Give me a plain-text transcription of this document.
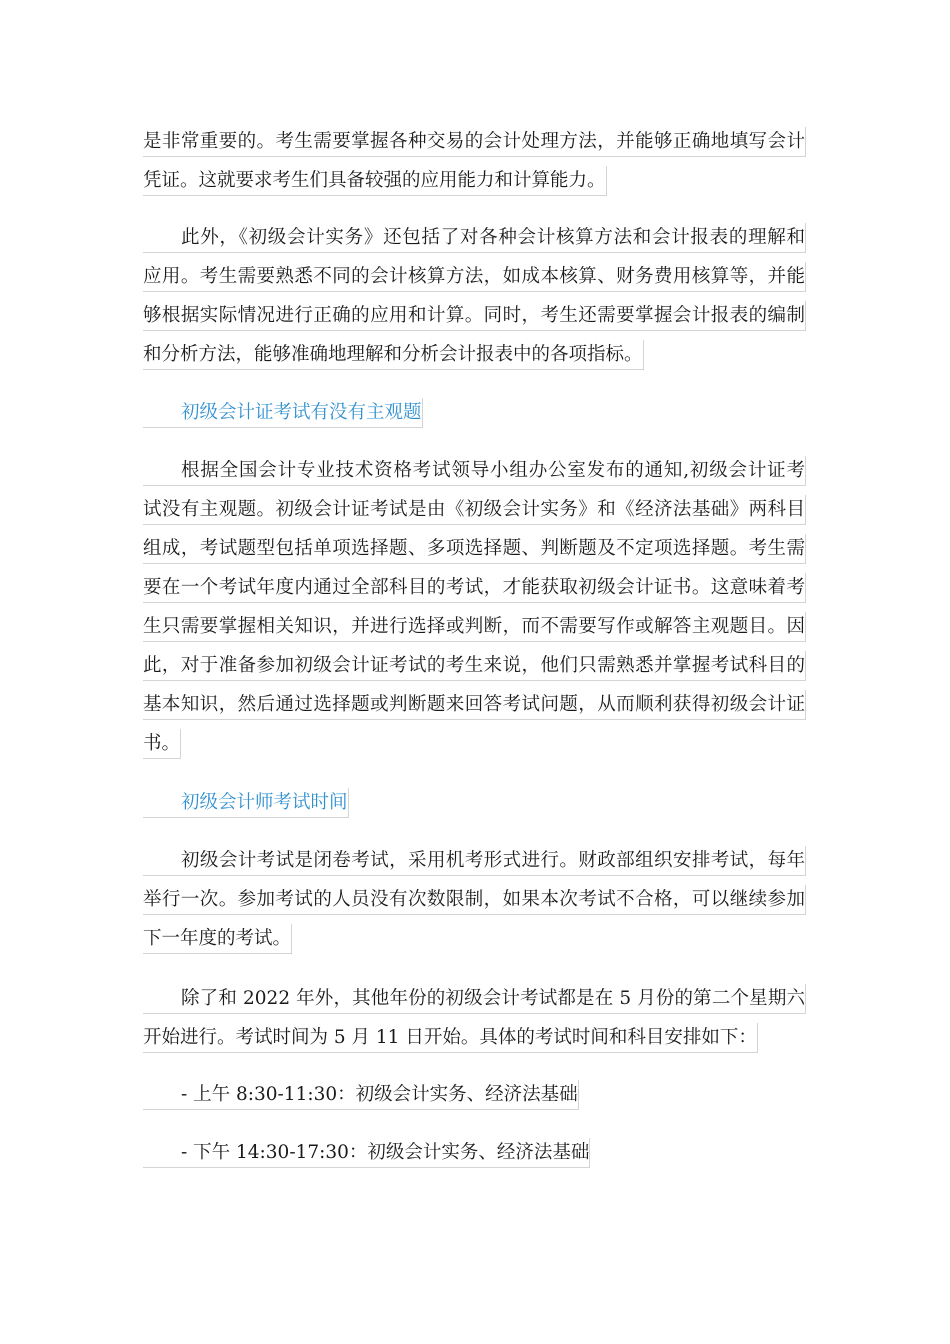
是非常重要的。考生需要掌握各种交易的会计处理方法，并能够正确地填写会计
凭证。这就要求考生们具备较强的应用能力和计算能力。
此外，《初级会计实务》还包括了对各种会计核算方法和会计报表的理解和
应用。考生需要熟悉不同的会计核算方法，如成本核算、财务费用核算等，并能
够根据实际情况进行正确的应用和计算。同时，考生还需要掌握会计报表的编制
和分析方法，能够准确地理解和分析会计报表中的各项指标。
初级会计证考试有没有主观题
根据全国会计专业技术资格考试领导小组办公室发布的通知,初级会计证考
试没有主观题。初级会计证考试是由《初级会计实务》和《经济法基础》两科目
组成，考试题型包括单项选择题、多项选择题、判断题及不定项选择题。考生需
要在一个考试年度内通过全部科目的考试，才能获取初级会计证书。这意味着考
生只需要掌握相关知识，并进行选择或判断，而不需要写作或解答主观题目。因
此，对于准备参加初级会计证考试的考生来说，他们只需熟悉并掌握考试科目的
基本知识，然后通过选择题或判断题来回答考试问题，从而顺利获得初级会计证
书。
初级会计师考试时间
初级会计考试是闭卷考试，采用机考形式进行。财政部组织安排考试，每年
举行一次。参加考试的人员没有次数限制，如果本次考试不合格，可以继续参加
下一年度的考试。
除了和 2022 年外，其他年份的初级会计考试都是在 5 月份的第二个星期六
开始进行。考试时间为 5 月 11 日开始。具体的考试时间和科目安排如下：
- 上午 8:30-11:30：初级会计实务、经济法基础
- 下午 14:30-17:30：初级会计实务、经济法基础
